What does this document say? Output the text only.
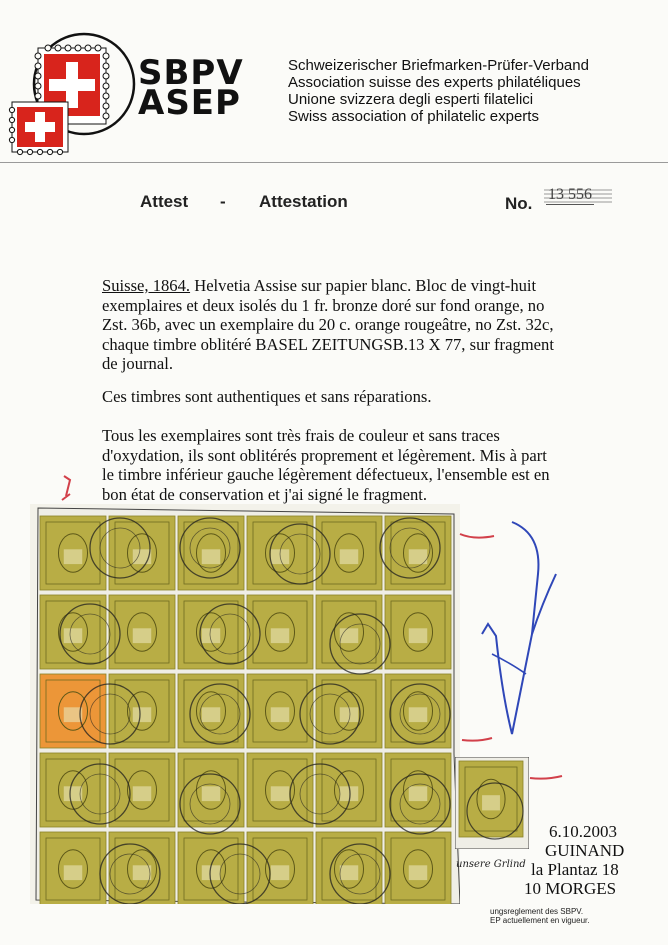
SBPV
ASEP
Schweizerischer Briefmarken-Prüfer-Verband
Association suisse des experts philatéliques
Unione svizzera degli esperti filatelici
Swiss association of philatelic experts
Attest - Attestation	No. 13 556
Suisse, 1864. Helvetia Assise sur papier blanc. Bloc de vingt-huit
exemplaires et deux isolés du 1 fr. bronze doré sur fond orange, no
Zst. 36b, avec un exemplaire du 20 c. orange rougeâtre, no Zst. 32c,
chaque timbre oblitéré BASEL ZEITUNGSB.13 X 77, sur fragment
de journal.
Ces timbres sont authentiques et sans réparations.
Tous les exemplaires sont très frais de couleur et sans traces
d'oxydation, ils sont oblitérés proprement et légèrement. Mis à part
le timbre inférieur gauche légèrement défectueux, l'ensemble est en
bon état de conservation et j'ai signé le fragment.
unsere Grlind
6.10.2003
GUINAND
la Plantaz 18
10 MORGES
ungsreglement des SBPV.
EP actuellement en vigueur.
